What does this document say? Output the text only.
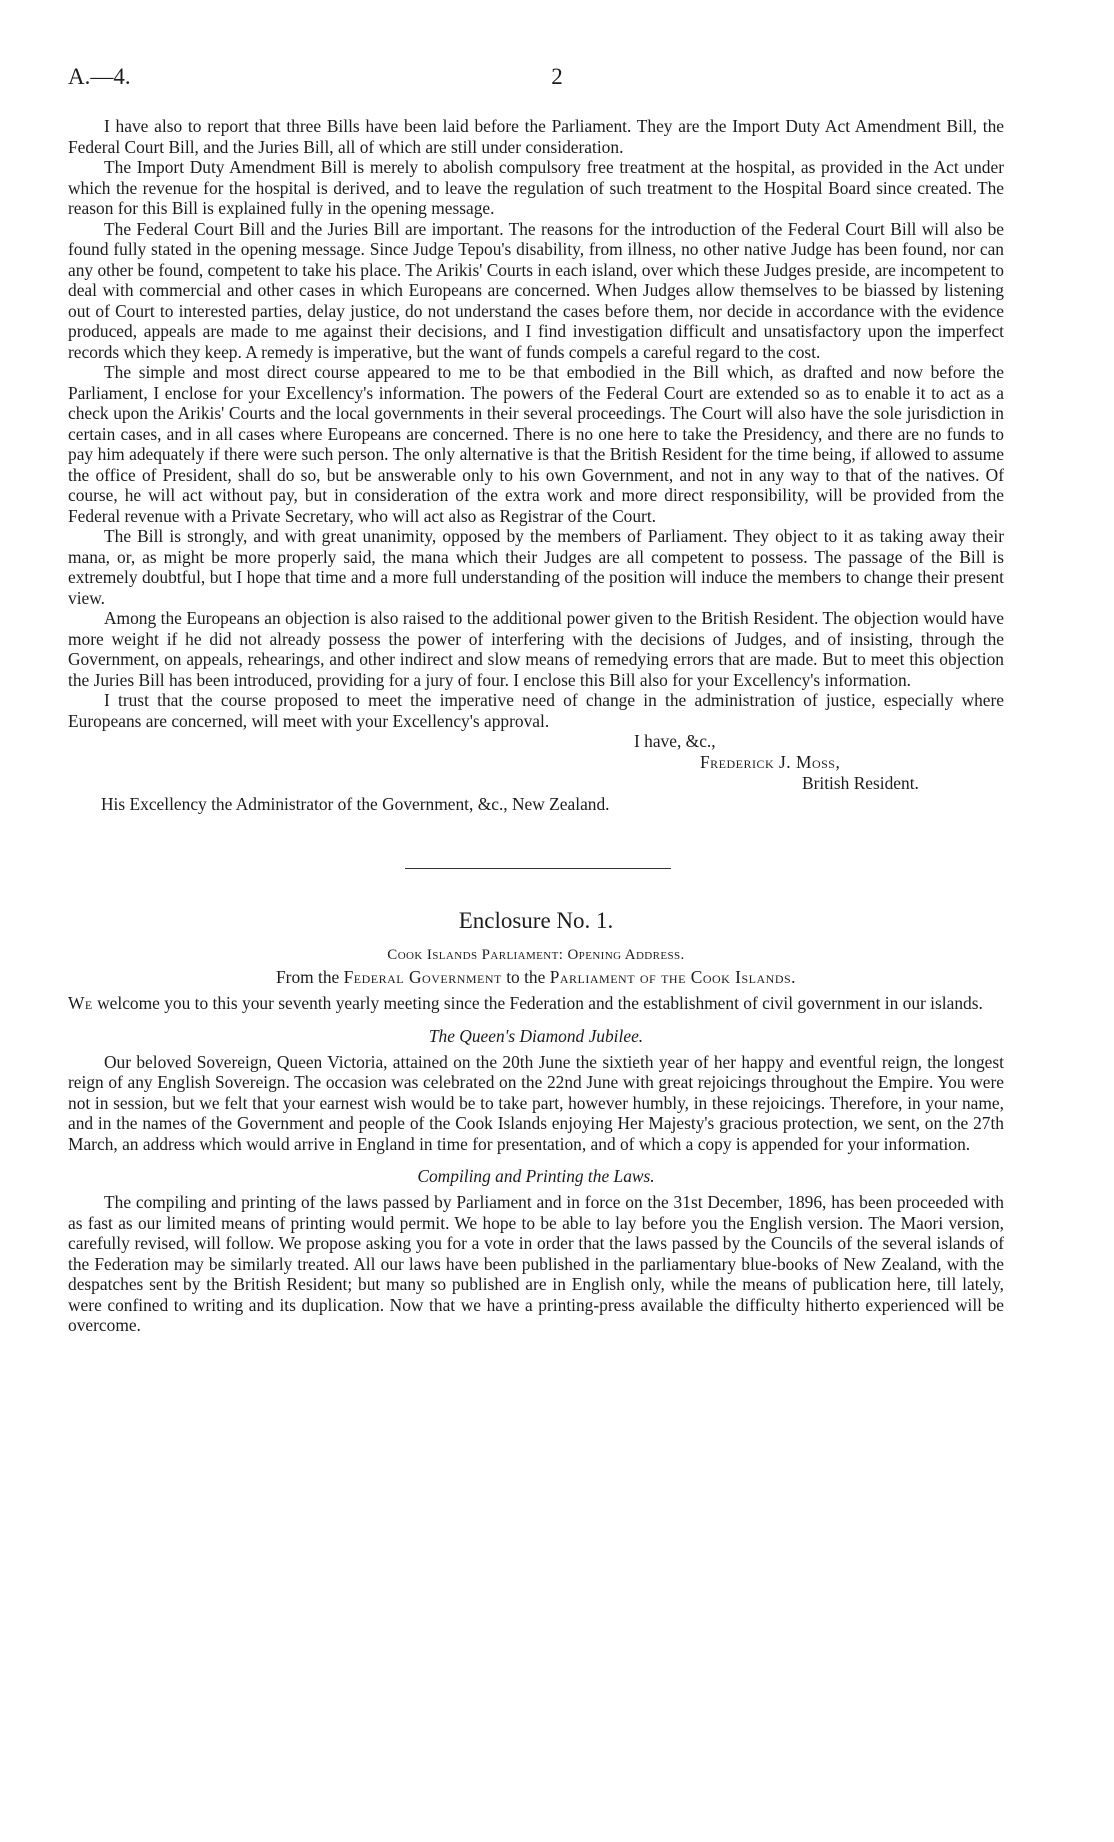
A.—4.	2

I have also to report that three Bills have been laid before the Parliament. They are the Import Duty Act Amendment Bill, the Federal Court Bill, and the Juries Bill, all of which are still under consideration.

The Import Duty Amendment Bill is merely to abolish compulsory free treatment at the hospital, as provided in the Act under which the revenue for the hospital is derived, and to leave the regulation of such treatment to the Hospital Board since created. The reason for this Bill is explained fully in the opening message.

The Federal Court Bill and the Juries Bill are important. The reasons for the introduction of the Federal Court Bill will also be found fully stated in the opening message. Since Judge Tepou's disability, from illness, no other native Judge has been found, nor can any other be found, competent to take his place. The Arikis' Courts in each island, over which these Judges preside, are incompetent to deal with commercial and other cases in which Europeans are concerned. When Judges allow themselves to be biassed by listening out of Court to interested parties, delay justice, do not understand the cases before them, nor decide in accordance with the evidence produced, appeals are made to me against their decisions, and I find investigation difficult and unsatisfactory upon the imperfect records which they keep. A remedy is imperative, but the want of funds compels a careful regard to the cost.

The simple and most direct course appeared to me to be that embodied in the Bill which, as drafted and now before the Parliament, I enclose for your Excellency's information. The powers of the Federal Court are extended so as to enable it to act as a check upon the Arikis' Courts and the local governments in their several proceedings. The Court will also have the sole jurisdiction in certain cases, and in all cases where Europeans are concerned. There is no one here to take the Presidency, and there are no funds to pay him adequately if there were such person. The only alternative is that the British Resident for the time being, if allowed to assume the office of President, shall do so, but be answerable only to his own Government, and not in any way to that of the natives. Of course, he will act without pay, but in consideration of the extra work and more direct responsibility, will be provided from the Federal revenue with a Private Secretary, who will act also as Registrar of the Court.

The Bill is strongly, and with great unanimity, opposed by the members of Parliament. They object to it as taking away their mana, or, as might be more properly said, the mana which their Judges are all competent to possess. The passage of the Bill is extremely doubtful, but I hope that time and a more full understanding of the position will induce the members to change their present view.

Among the Europeans an objection is also raised to the additional power given to the British Resident. The objection would have more weight if he did not already possess the power of interfering with the decisions of Judges, and of insisting, through the Government, on appeals, rehearings, and other indirect and slow means of remedying errors that are made. But to meet this objection the Juries Bill has been introduced, providing for a jury of four. I enclose this Bill also for your Excellency's information.

I trust that the course proposed to meet the imperative need of change in the administration of justice, especially where Europeans are concerned, will meet with your Excellency's approval.

I have, &c.,
Frederick J. Moss,
British Resident.
His Excellency the Administrator of the Government, &c., New Zealand.
Enclosure No. 1.
Cook Islands Parliament: Opening Address.
From the Federal Government to the Parliament of the Cook Islands.

We welcome you to this your seventh yearly meeting since the Federation and the establishment of civil government in our islands.

The Queen's Diamond Jubilee.

Our beloved Sovereign, Queen Victoria, attained on the 20th June the sixtieth year of her happy and eventful reign, the longest reign of any English Sovereign. The occasion was celebrated on the 22nd June with great rejoicings throughout the Empire. You were not in session, but we felt that your earnest wish would be to take part, however humbly, in these rejoicings. Therefore, in your name, and in the names of the Government and people of the Cook Islands enjoying Her Majesty's gracious protection, we sent, on the 27th March, an address which would arrive in England in time for presentation, and of which a copy is appended for your information.

Compiling and Printing the Laws.

The compiling and printing of the laws passed by Parliament and in force on the 31st December, 1896, has been proceeded with as fast as our limited means of printing would permit. We hope to be able to lay before you the English version. The Maori version, carefully revised, will follow. We propose asking you for a vote in order that the laws passed by the Councils of the several islands of the Federation may be similarly treated. All our laws have been published in the parliamentary blue-books of New Zealand, with the despatches sent by the British Resident; but many so published are in English only, while the means of publication here, till lately, were confined to writing and its duplication. Now that we have a printing-press available the difficulty hitherto experienced will be overcome.
